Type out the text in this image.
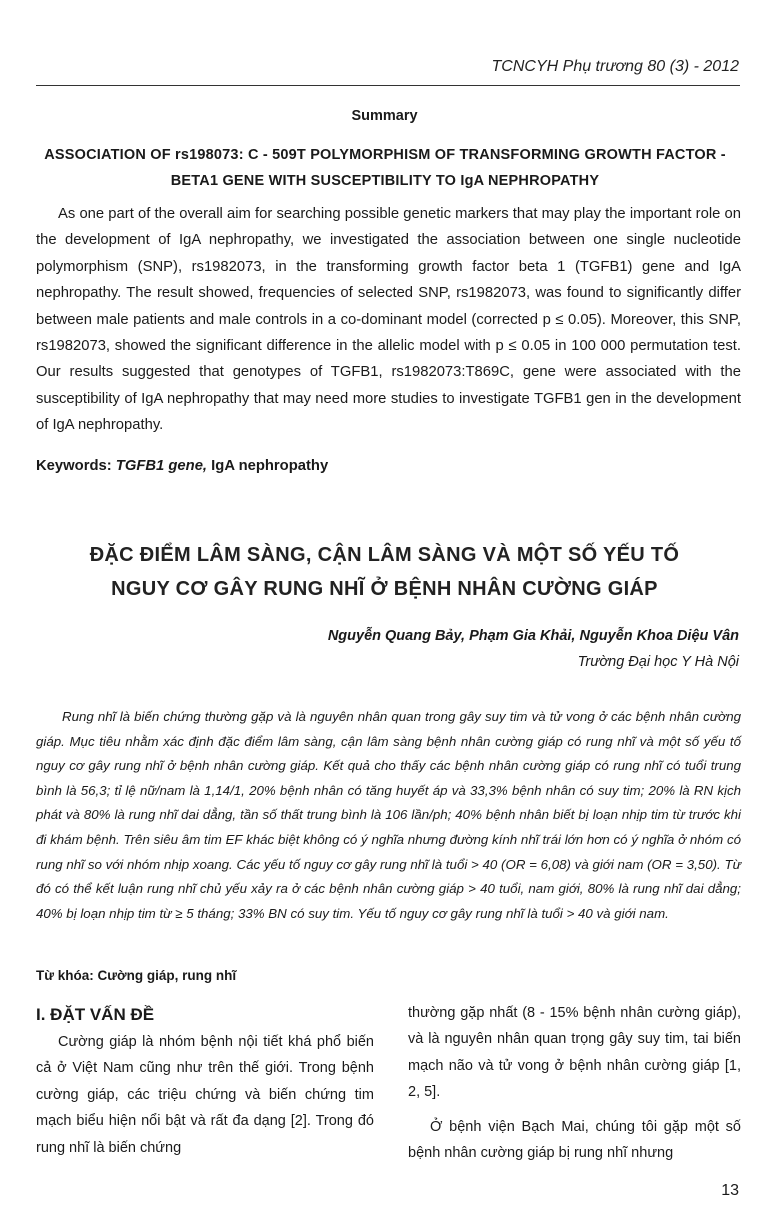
TCNCYH Phụ trương 80 (3) - 2012
Summary
ASSOCIATION OF rs198073: C - 509T POLYMORPHISM OF TRANSFORMING GROWTH FACTOR - BETA1 GENE WITH SUSCEPTIBILITY TO IgA NEPHROPATHY

As one part of the overall aim for searching possible genetic markers that may play the important role on the development of IgA nephropathy, we investigated the association between one single nucleotide polymorphism (SNP), rs1982073, in the transforming growth factor beta 1 (TGFB1) gene and IgA nephropathy. The result showed, frequencies of selected SNP, rs1982073, was found to significantly differ between male patients and male controls in a co-dominant model (corrected p ≤ 0.05). Moreover, this SNP, rs1982073, showed the significant difference in the allelic model with p ≤ 0.05 in 100 000 permutation test. Our results suggested that genotypes of TGFB1, rs1982073:T869C, gene were associated with the susceptibility of IgA nephropathy that may need more studies to investigate TGFB1 gen in the development of IgA nephropathy.

Keywords: TGFB1 gene, IgA nephropathy
ĐẶC ĐIỂM LÂM SÀNG, CẬN LÂM SÀNG VÀ MỘT SỐ YẾU TỐ
NGUY CƠ GÂY RUNG NHĨ Ở BỆNH NHÂN CƯỜNG GIÁP
Nguyễn Quang Bảy, Phạm Gia Khải, Nguyễn Khoa Diệu Vân
Trường Đại học Y Hà Nội

Rung nhĩ là biến chứng thường gặp và là nguyên nhân quan trong gây suy tim và tử vong ở các bệnh nhân cường giáp. Mục tiêu nhằm xác định đặc điểm lâm sàng, cận lâm sàng bệnh nhân cường giáp có rung nhĩ và một số yếu tố nguy cơ gây rung nhĩ ở bệnh nhân cường giáp. Kết quả cho thấy các bệnh nhân cường giáp có rung nhĩ có tuổi trung bình là 56,3; tỉ lệ nữ/nam là 1,14/1, 20% bệnh nhân có tăng huyết áp và 33,3% bệnh nhân có suy tim; 20% là RN kịch phát và 80% là rung nhĩ dai dẳng, tần số thất trung bình là 106 lần/ph; 40% bệnh nhân biết bị loạn nhịp tim từ trước khi đi khám bệnh. Trên siêu âm tim EF khác biệt không có ý nghĩa nhưng đường kính nhĩ trái lớn hơn có ý nghĩa ở nhóm có rung nhĩ so với nhóm nhịp xoang. Các yếu tố nguy cơ gây rung nhĩ là tuổi > 40 (OR = 6,08) và giới nam (OR = 3,50). Từ đó có thể kết luận rung nhĩ chủ yếu xảy ra ở các bệnh nhân cường giáp > 40 tuổi, nam giới, 80% là rung nhĩ dai dẳng; 40% bị loạn nhịp tim từ ≥ 5 tháng; 33% BN có suy tim. Yếu tố nguy cơ gây rung nhĩ là tuổi > 40 và giới nam.

Từ khóa: Cường giáp, rung nhĩ
I. ĐẶT VẤN ĐỀ

Cường giáp là nhóm bệnh nội tiết khá phổ biến cả ở Việt Nam cũng như trên thế giới. Trong bệnh cường giáp, các triệu chứng và biến chứng tim mạch biểu hiện nổi bật và rất đa dạng [2]. Trong đó rung nhĩ là biến chứng

thường gặp nhất (8 - 15% bệnh nhân cường giáp), và là nguyên nhân quan trọng gây suy tim, tai biến mạch não và tử vong ở bệnh nhân cường giáp [1, 2, 5].

Ở bệnh viện Bạch Mai, chúng tôi gặp một số bệnh nhân cường giáp bị rung nhĩ nhưng

13
